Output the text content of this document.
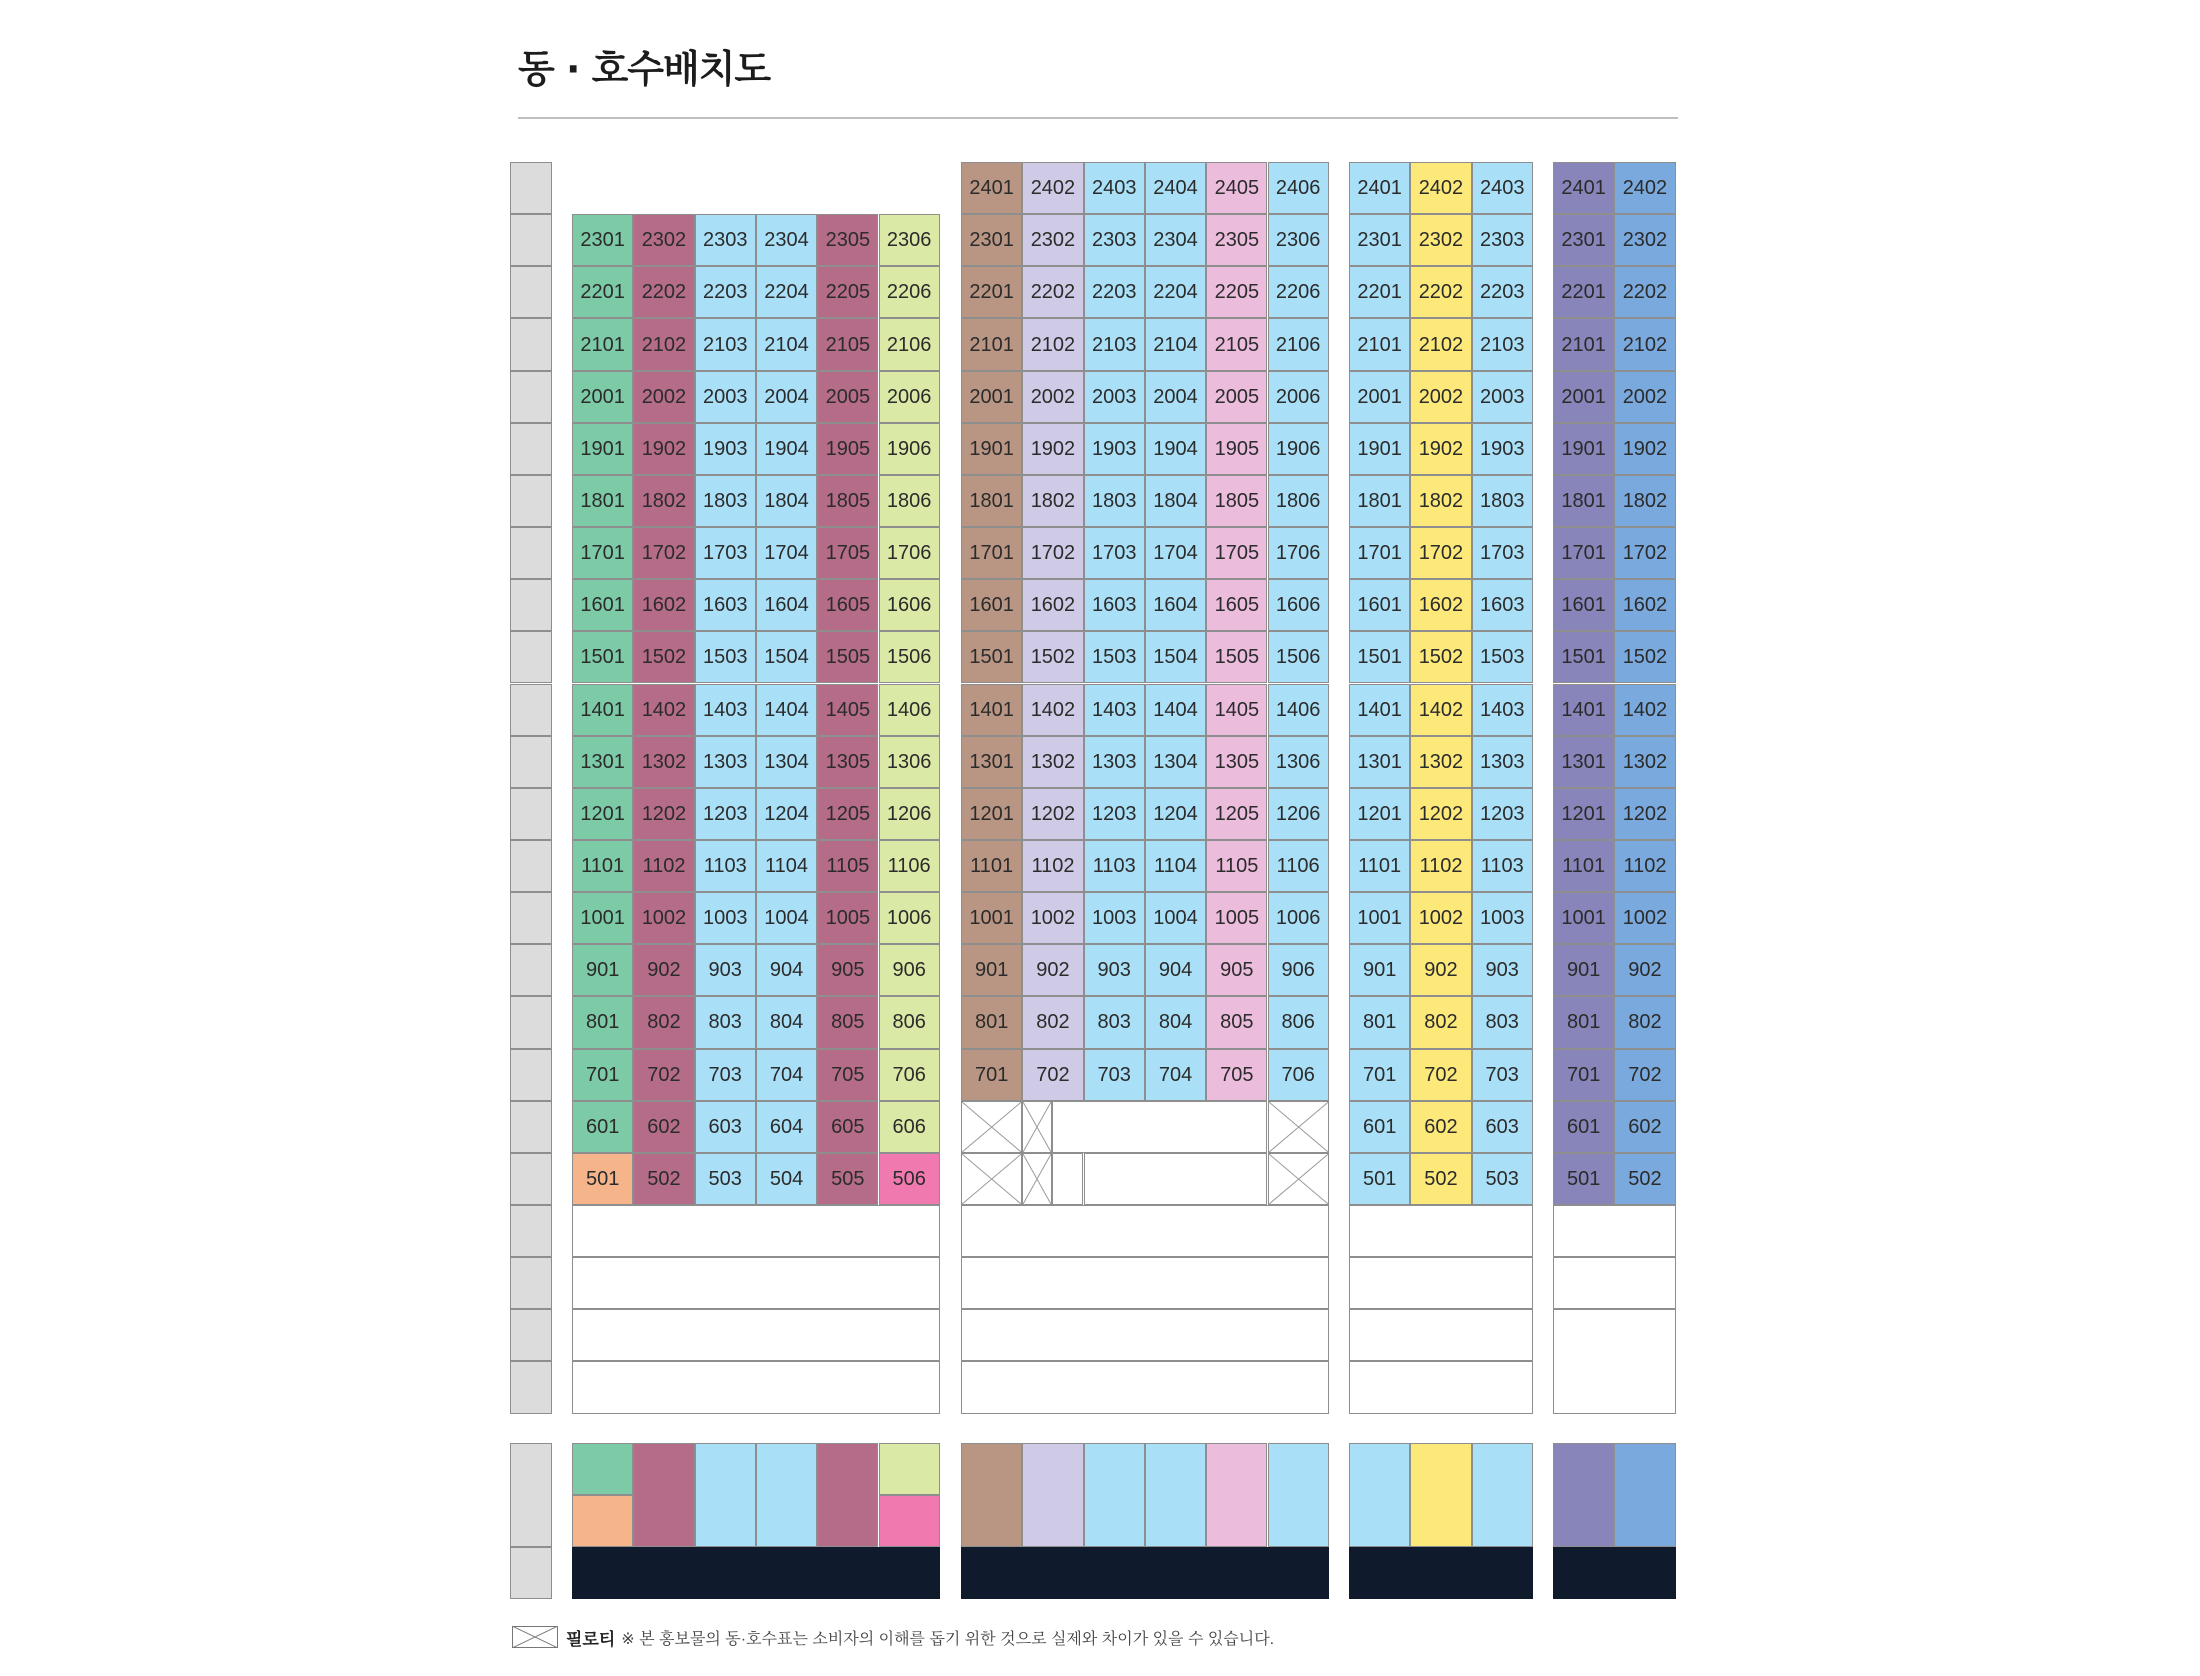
동 · 호수배치도
2301 2302 2303 2304 2305 2306
2201 2202 2203 2204 2205 2206
2101 2102 2103 2104 2105 2106
2001 2002 2003 2004 2005 2006
1901 1902 1903 1904 1905 1906
1801 1802 1803 1804 1805 1806
1701 1702 1703 1704 1705 1706
1601 1602 1603 1604 1605 1606
1501 1502 1503 1504 1505 1506
1401 1402 1403 1404 1405 1406
1301 1302 1303 1304 1305 1306
1201 1202 1203 1204 1205 1206
1101 1102 1103 1104 1105 1106
1001 1002 1003 1004 1005 1006
901	902	903	904	905	906
801	802	803	804	805	806
701	702	703	704	705	706
601	602	603	604	605	606
501	502	503	504	505	506
2401 2402 2403 2404 2405 2406
2301 2302 2303 2304 2305 2306
2201 2202 2203 2204 2205 2206
2101 2102 2103 2104 2105 2106
2001 2002 2003 2004 2005 2006
1901 1902 1903 1904 1905 1906
1801 1802 1803 1804 1805 1806
1701 1702 1703 1704 1705 1706
1601 1602 1603 1604 1605 1606
1501 1502 1503 1504 1505 1506
1401 1402 1403 1404 1405 1406
1301 1302 1303 1304 1305 1306
1201 1202 1203 1204 1205 1206
1101 1102 1103 1104 1105 1106
1001 1002 1003 1004 1005 1006
901	902	903	904	905	906
801	802	803	804	805	806
701	702	703	704	705	706
2401 2402 2403
2301 2302 2303
2201 2202 2203
2101 2102 2103
2001 2002 2003
1901 1902 1903
1801 1802 1803
1701 1702 1703
1601 1602 1603
1501 1502 1503
1401 1402 1403
1301 1302 1303
1201 1202 1203
1101 1102 1103
1001 1002 1003
901	902	903
801	802	803
701	702	703
601	602	603
501	502	503
2401 2402
2301 2302
2201 2202
2101 2102
2001 2002
1901 1902
1801 1802
1701 1702
1601 1602
1501 1502
1401 1402
1301 1302
1201 1202
1101 1102
1001 1002
901	902
801	802
701	702
601	602
501	502
필로티 ※ 본 홍보물의 동·호수표는 소비자의 이해를 돕기 위한 것으로 실제와 차이가 있을 수 있습니다.
